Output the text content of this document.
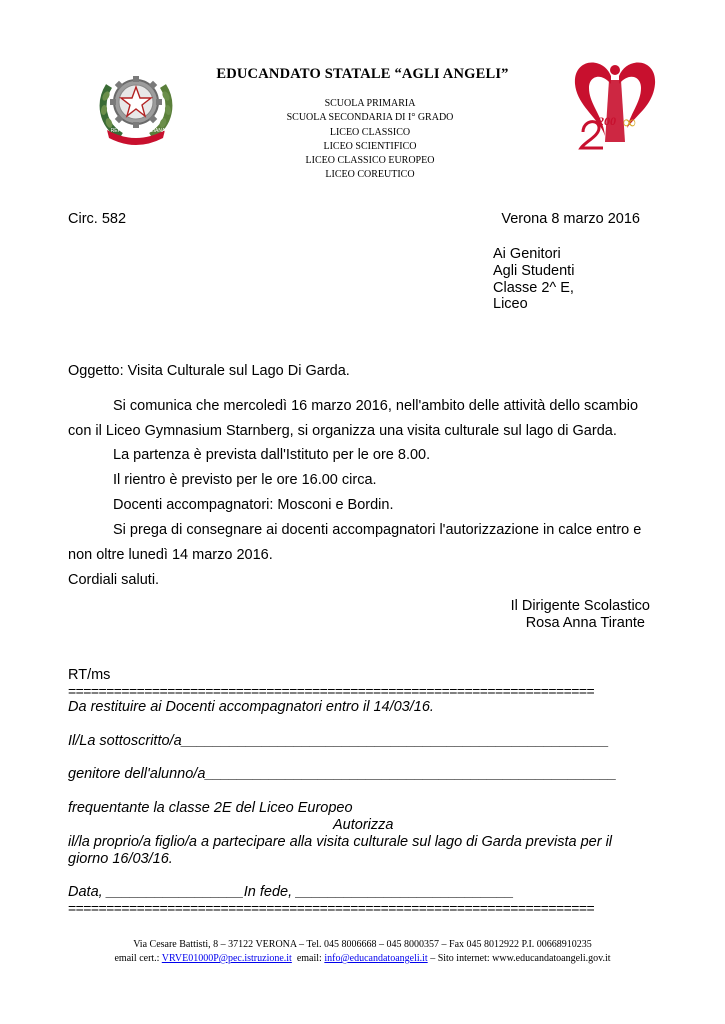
REPUBBLICA ITALIANA	∞
200
EDUCANDATO STATALE “AGLI ANGELI”
SCUOLA PRIMARIA
SCUOLA SECONDARIA DI I° GRADO
LICEO CLASSICO
LICEO SCIENTIFICO
LICEO CLASSICO EUROPEO
LICEO COREUTICO
Circ. 582	Verona 8 marzo 2016
Ai Genitori
Agli Studenti
Classe 2^ E,
Liceo
Oggetto: Visita Culturale sul Lago Di Garda.
Si comunica che mercoledì 16 marzo 2016, nell'ambito delle attività dello scambio
con il Liceo Gymnasium Starnberg, si organizza una visita culturale sul lago di Garda.
La partenza è prevista dall'Istituto per le ore 8.00.
Il rientro è previsto per le ore 16.00 circa.
Docenti accompagnatori: Mosconi e Bordin.
Si prega di consegnare ai docenti accompagnatori l'autorizzazione in calce entro e
non oltre lunedì 14 marzo 2016.
Cordiali saluti.
Il Dirigente Scolastico
Rosa Anna Tirante
RT/ms
=====================================================================
Da restituire ai Docenti accompagnatori entro il 14/03/16.
Il/La sottoscritto/a_____________________________________________________
genitore dell'alunno/a___________________________________________________
frequentante la classe 2E del Liceo Europeo
Autorizza
il/la proprio/a figlio/a a partecipare alla visita culturale sul lago di Garda prevista per il
giorno 16/03/16.
Data, _________________In fede, ___________________________
=====================================================================
Via Cesare Battisti, 8 – 37122 VERONA – Tel. 045 8006668 – 045 8000357 – Fax 045 8012922 P.I. 00668910235
email cert.: VRVE01000P@pec.istruzione.it  email: info@educandatoangeli.it – Sito internet: www.educandatoangeli.gov.it
